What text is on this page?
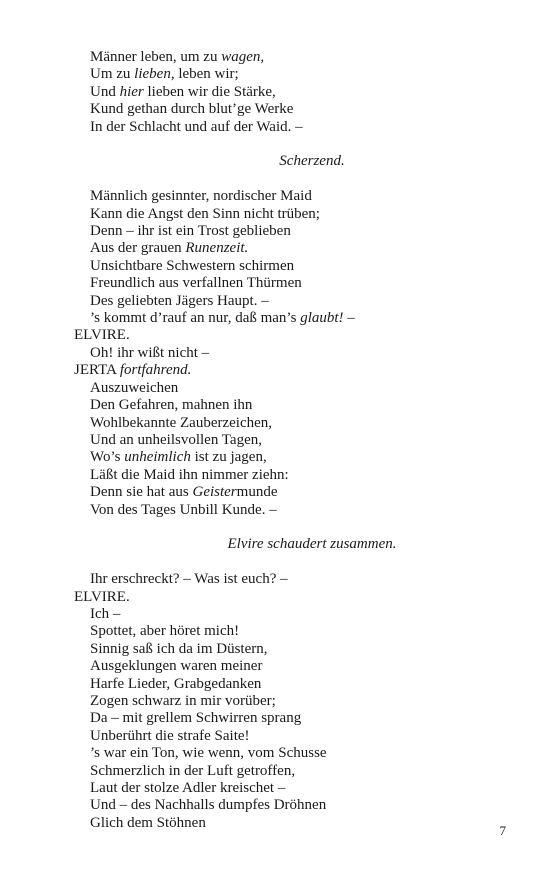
Männer leben, um zu wagen,
Um zu lieben, leben wir;
Und hier lieben wir die Stärke,
Kund gethan durch blut’ge Werke
In der Schlacht und auf der Waid. –
Scherzend.
Männlich gesinnter, nordischer Maid
Kann die Angst den Sinn nicht trüben;
Denn – ihr ist ein Trost geblieben
Aus der grauen Runenzeit.
Unsichtbare Schwestern schirmen
Freundlich aus verfallnen Thürmen
Des geliebten Jägers Haupt. –
’s kommt d’rauf an nur, daß man’s glaubt! –
ELVIRE.
Oh! ihr wißt nicht –
JERTA fortfahrend.
Auszuweichen
Den Gefahren, mahnen ihn
Wohlbekannte Zauberzeichen,
Und an unheilsvollen Tagen,
Wo’s unheimlich ist zu jagen,
Läßt die Maid ihn nimmer ziehn:
Denn sie hat aus Geistermunde
Von des Tages Unbill Kunde. –
Elvire schaudert zusammen.
Ihr erschreckt? – Was ist euch? –
ELVIRE.
Ich –
Spottet, aber höret mich!
Sinnig saß ich da im Düstern,
Ausgeklungen waren meiner
Harfe Lieder, Grabgedanken
Zogen schwarz in mir vorüber;
Da – mit grellem Schwirren sprang
Unberührt die strafe Saite!
’s war ein Ton, wie wenn, vom Schusse
Schmerzlich in der Luft getroffen,
Laut der stolze Adler kreischet –
Und – des Nachhalls dumpfes Dröhnen
Glich dem Stöhnen	7
